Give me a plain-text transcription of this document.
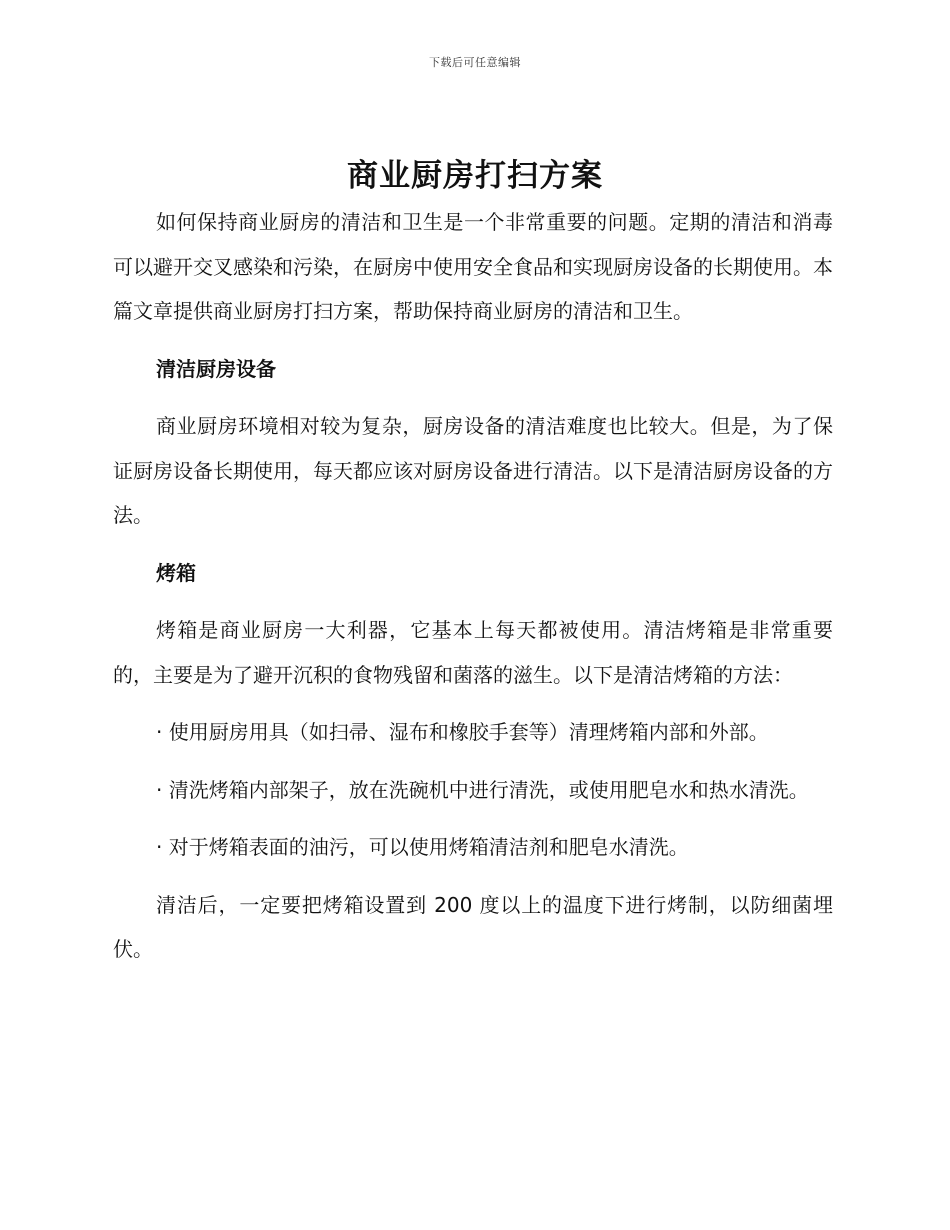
下载后可任意编辑
商业厨房打扫方案

如何保持商业厨房的清洁和卫生是一个非常重要的问题。定期的清洁和消毒可以避开交叉感染和污染，在厨房中使用安全食品和实现厨房设备的长期使用。本篇文章提供商业厨房打扫方案，帮助保持商业厨房的清洁和卫生。

清洁厨房设备

商业厨房环境相对较为复杂，厨房设备的清洁难度也比较大。但是，为了保证厨房设备长期使用，每天都应该对厨房设备进行清洁。以下是清洁厨房设备的方法。

烤箱

烤箱是商业厨房一大利器，它基本上每天都被使用。清洁烤箱是非常重要的，主要是为了避开沉积的食物残留和菌落的滋生。以下是清洁烤箱的方法：

· 使用厨房用具（如扫帚、湿布和橡胶手套等）清理烤箱内部和外部。

· 清洗烤箱内部架子，放在洗碗机中进行清洗，或使用肥皂水和热水清洗。

· 对于烤箱表面的油污，可以使用烤箱清洁剂和肥皂水清洗。

清洁后，一定要把烤箱设置到 200 度以上的温度下进行烤制，以防细菌埋伏。
